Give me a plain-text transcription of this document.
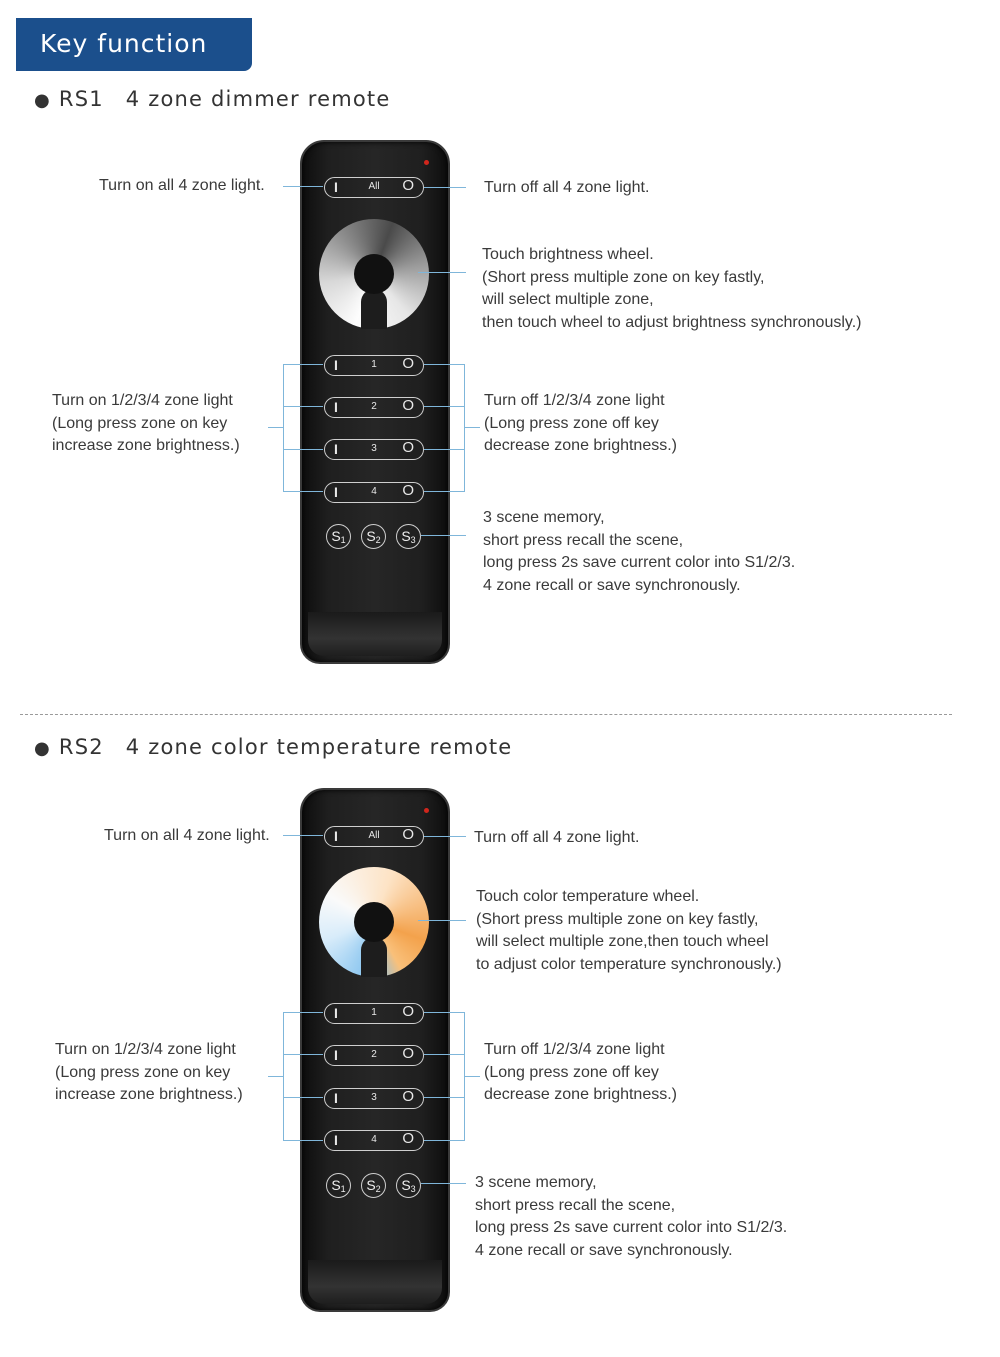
Key function
● RS1 4 zone dimmer remote
I	All	O
I	1	O
I	2	O
I	3	O
I	4	O
$S_1$	$S_2$	$S_3$
Turn on all 4 zone light.	Turn off all 4 zone light.
Touch brightness wheel.
(Short press multiple zone on key fastly,
will select multiple zone,
then touch wheel to adjust brightness synchronously.)
Turn on 1/2/3/4 zone light
(Long press zone on key
increase zone brightness.)
Turn off 1/2/3/4 zone light
(Long press zone off key
decrease zone brightness.)
3 scene memory,
short press recall the scene,
long press 2s save current color into S1/2/3.
4 zone recall or save synchronously.
● RS2 4 zone color temperature remote
I	All	O
I	1	O
I	2	O
I	3	O
I	4	O
$S_1$	$S_2$	$S_3$
Turn on all 4 zone light.	Turn off all 4 zone light.
Touch color temperature wheel.
(Short press multiple zone on key fastly,
will select multiple zone,then touch wheel
to adjust color temperature synchronously.)
Turn on 1/2/3/4 zone light
(Long press zone on key
increase zone brightness.)
Turn off 1/2/3/4 zone light
(Long press zone off key
decrease zone brightness.)
3 scene memory,
short press recall the scene,
long press 2s save current color into S1/2/3.
4 zone recall or save synchronously.
